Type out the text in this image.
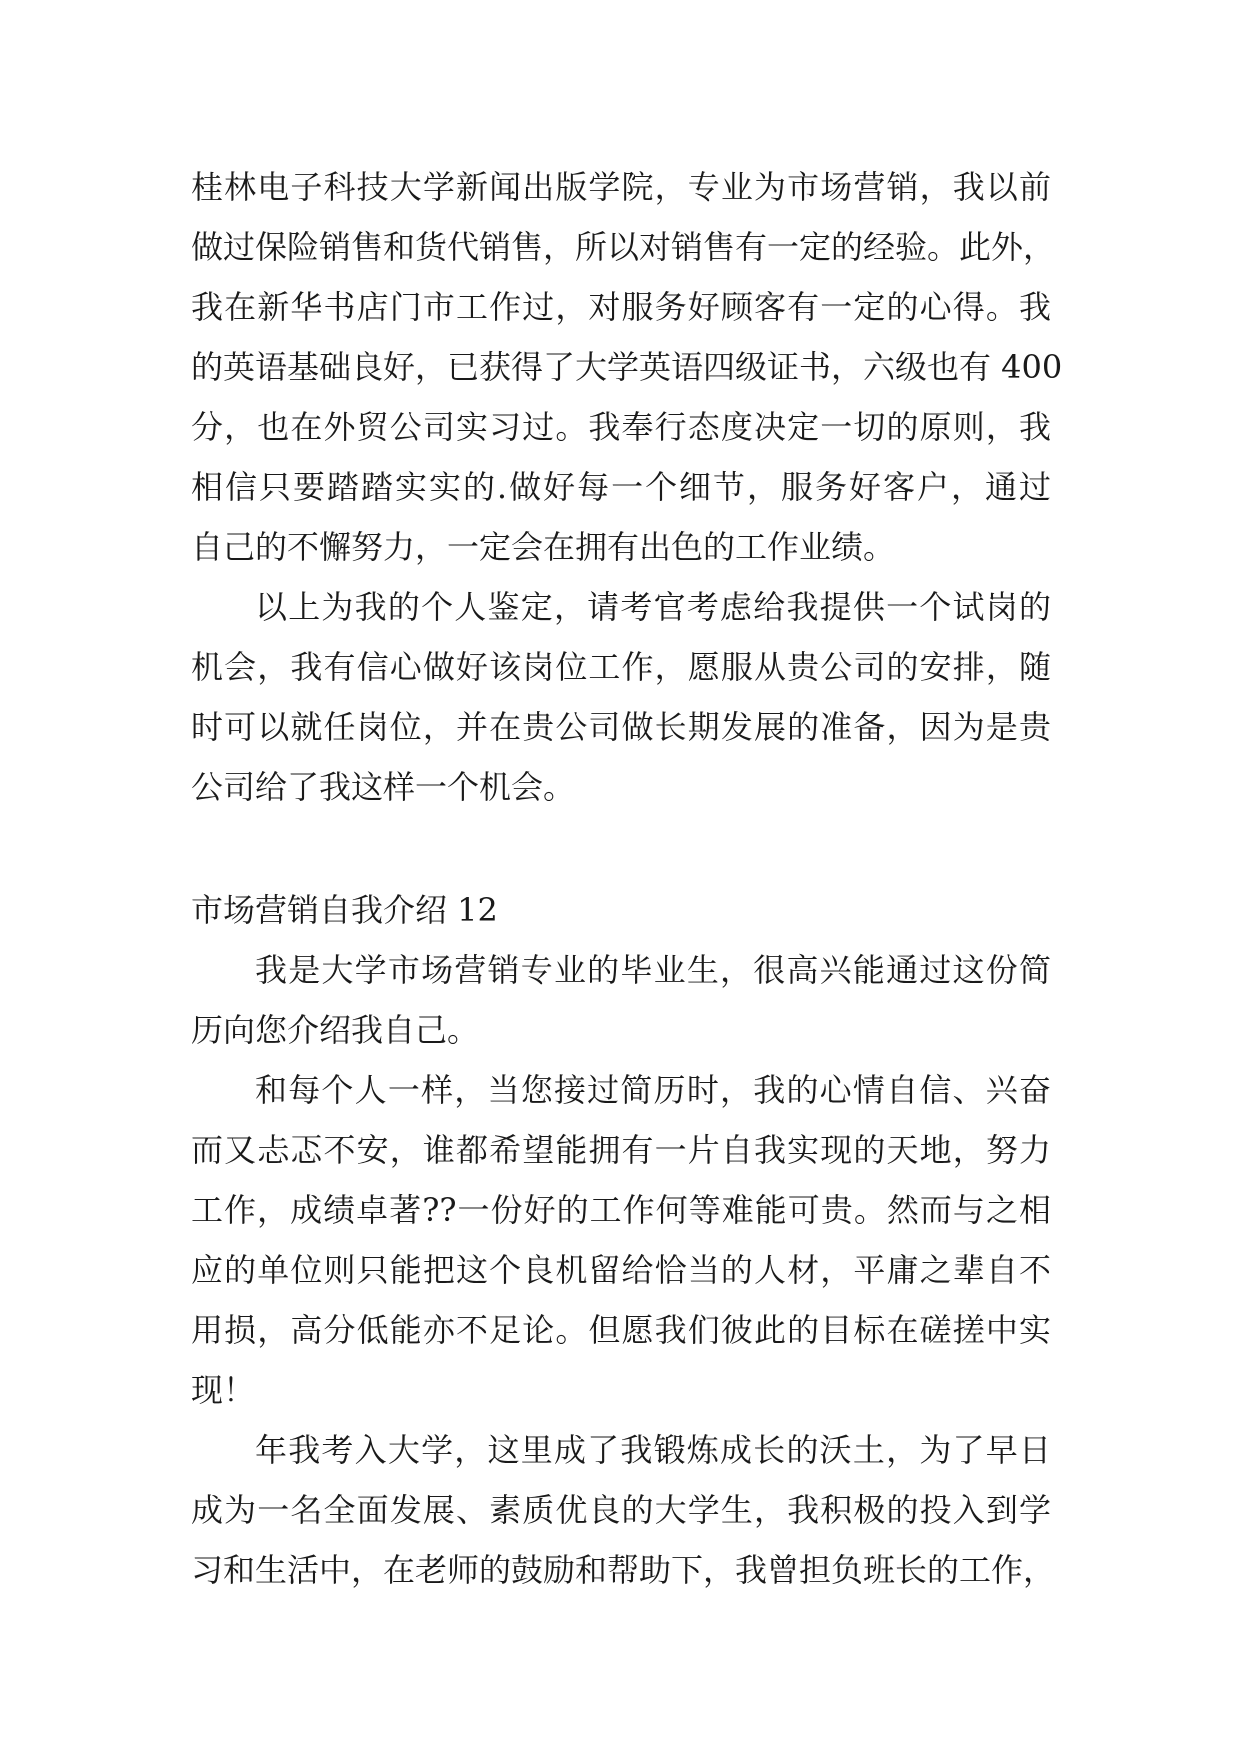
桂林电子科技大学新闻出版学院，专业为市场营销，我以前
做过保险销售和货代销售，所以对销售有一定的经验。此外，
我在新华书店门市工作过，对服务好顾客有一定的心得。我
的英语基础良好，已获得了大学英语四级证书，六级也有 400
分，也在外贸公司实习过。我奉行态度决定一切的原则，我
相信只要踏踏实实的.做好每一个细节，服务好客户，通过
自己的不懈努力，一定会在拥有出色的工作业绩。
以上为我的个人鉴定，请考官考虑给我提供一个试岗的
机会，我有信心做好该岗位工作，愿服从贵公司的安排，随
时可以就任岗位，并在贵公司做长期发展的准备，因为是贵
公司给了我这样一个机会。
市场营销自我介绍 12
我是大学市场营销专业的毕业生，很高兴能通过这份简
历向您介绍我自己。
和每个人一样，当您接过简历时，我的心情自信、兴奋
而又忐忑不安，谁都希望能拥有一片自我实现的天地，努力
工作，成绩卓著??一份好的工作何等难能可贵。然而与之相
应的单位则只能把这个良机留给恰当的人材，平庸之辈自不
用损，高分低能亦不足论。但愿我们彼此的目标在磋搓中实
现！
年我考入大学，这里成了我锻炼成长的沃土，为了早日
成为一名全面发展、素质优良的大学生，我积极的投入到学
习和生活中，在老师的鼓励和帮助下，我曾担负班长的工作，
